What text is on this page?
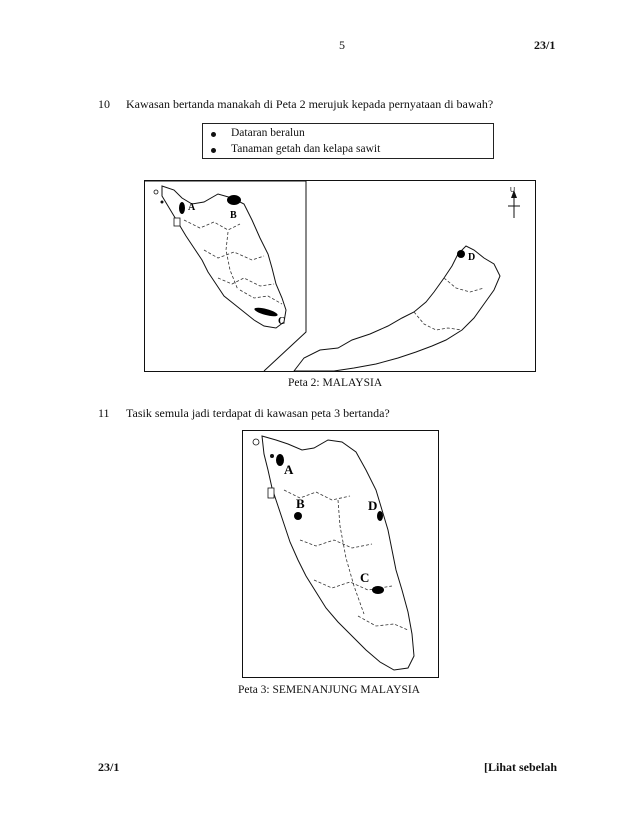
5	23/1
10 Kawasan bertanda manakah di Peta 2 merujuk kepada pernyataan di bawah?
Dataran beralun
Tanaman getah dan kelapa sawit
U
A
B
C
D
Peta 2: MALAYSIA
11 Tasik semula jadi terdapat di kawasan peta 3 bertanda?
A
B
C
D
Peta 3: SEMENANJUNG MALAYSIA
23/1	[Lihat sebelah
